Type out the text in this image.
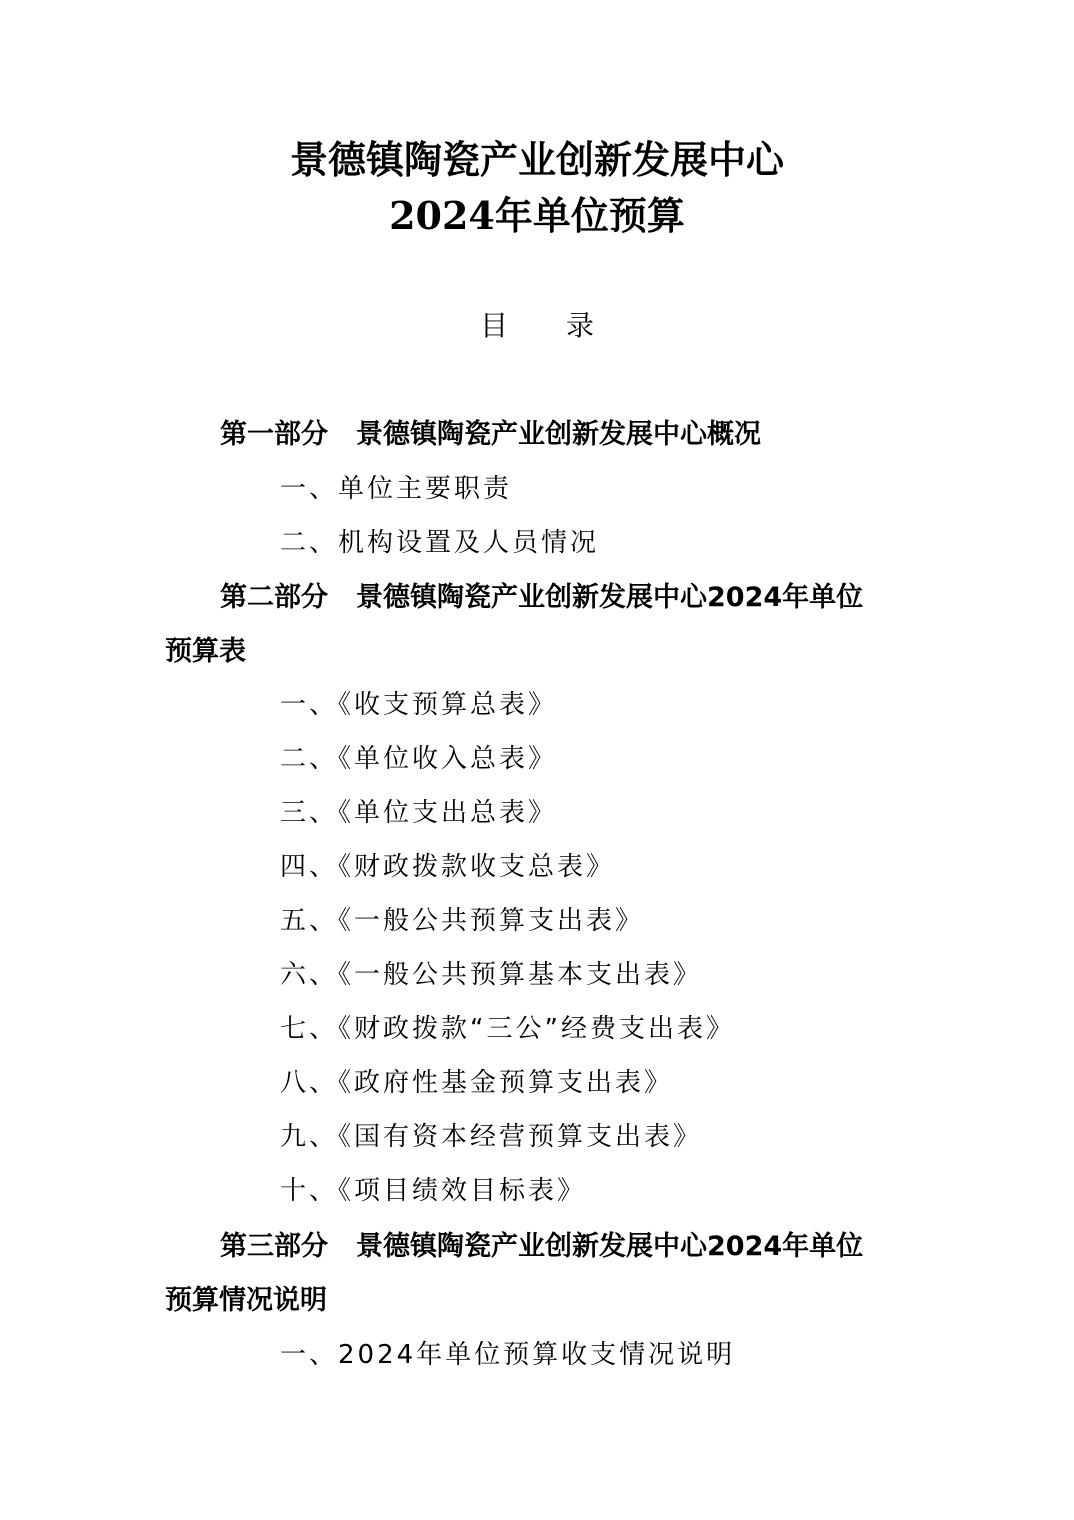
景德镇陶瓷产业创新发展中心
2024年单位预算
目录
第一部分 景德镇陶瓷产业创新发展中心概况
一、单位主要职责
二、机构设置及人员情况
第二部分 景德镇陶瓷产业创新发展中心2024年单位
预算表
一、《收支预算总表》
二、《单位收入总表》
三、《单位支出总表》
四、《财政拨款收支总表》
五、《一般公共预算支出表》
六、《一般公共预算基本支出表》
七、《财政拨款“三公”经费支出表》
八、《政府性基金预算支出表》
九、《国有资本经营预算支出表》
十、《项目绩效目标表》
第三部分 景德镇陶瓷产业创新发展中心2024年单位
预算情况说明
一、2024年单位预算收支情况说明
